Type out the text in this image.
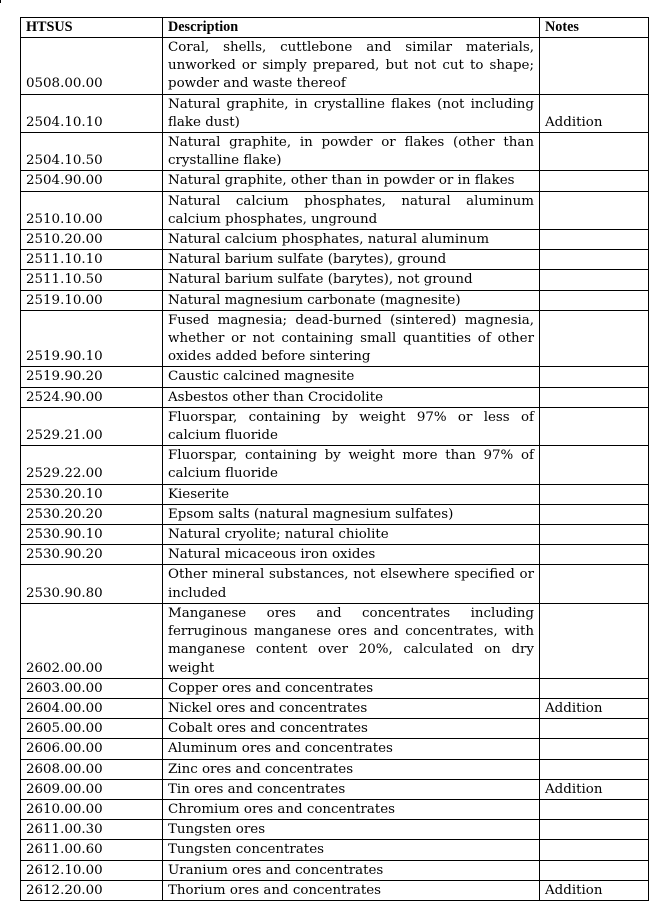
HTSUS	Description	Notes
0508.00.00	Coral, shells, cuttlebone and similar materials, unworked or simply prepared, but not cut to shape; powder and waste thereof	
2504.10.10	Natural graphite, in crystalline flakes (not including flake dust)	Addition
2504.10.50	Natural graphite, in powder or flakes (other than crystalline flake)	
2504.90.00	Natural graphite, other than in powder or in flakes	
2510.10.00	Natural calcium phosphates, natural aluminum calcium phosphates, unground	
2510.20.00	Natural calcium phosphates, natural aluminum	
2511.10.10	Natural barium sulfate (barytes), ground	
2511.10.50	Natural barium sulfate (barytes), not ground	
2519.10.00	Natural magnesium carbonate (magnesite)	
2519.90.10	Fused magnesia; dead-burned (sintered) magnesia, whether or not containing small quantities of other oxides added before sintering	
2519.90.20	Caustic calcined magnesite	
2524.90.00	Asbestos other than Crocidolite	
2529.21.00	Fluorspar, containing by weight 97% or less of calcium fluoride	
2529.22.00	Fluorspar, containing by weight more than 97% of calcium fluoride	
2530.20.10	Kieserite	
2530.20.20	Epsom salts (natural magnesium sulfates)	
2530.90.10	Natural cryolite; natural chiolite	
2530.90.20	Natural micaceous iron oxides	
2530.90.80	Other mineral substances, not elsewhere specified or included	
2602.00.00	Manganese ores and concentrates including ferruginous manganese ores and concentrates, with manganese content over 20%, calculated on dry weight	
2603.00.00	Copper ores and concentrates	
2604.00.00	Nickel ores and concentrates	Addition
2605.00.00	Cobalt ores and concentrates	
2606.00.00	Aluminum ores and concentrates	
2608.00.00	Zinc ores and concentrates	
2609.00.00	Tin ores and concentrates	Addition
2610.00.00	Chromium ores and concentrates	
2611.00.30	Tungsten ores	
2611.00.60	Tungsten concentrates	
2612.10.00	Uranium ores and concentrates	
2612.20.00	Thorium ores and concentrates	Addition
